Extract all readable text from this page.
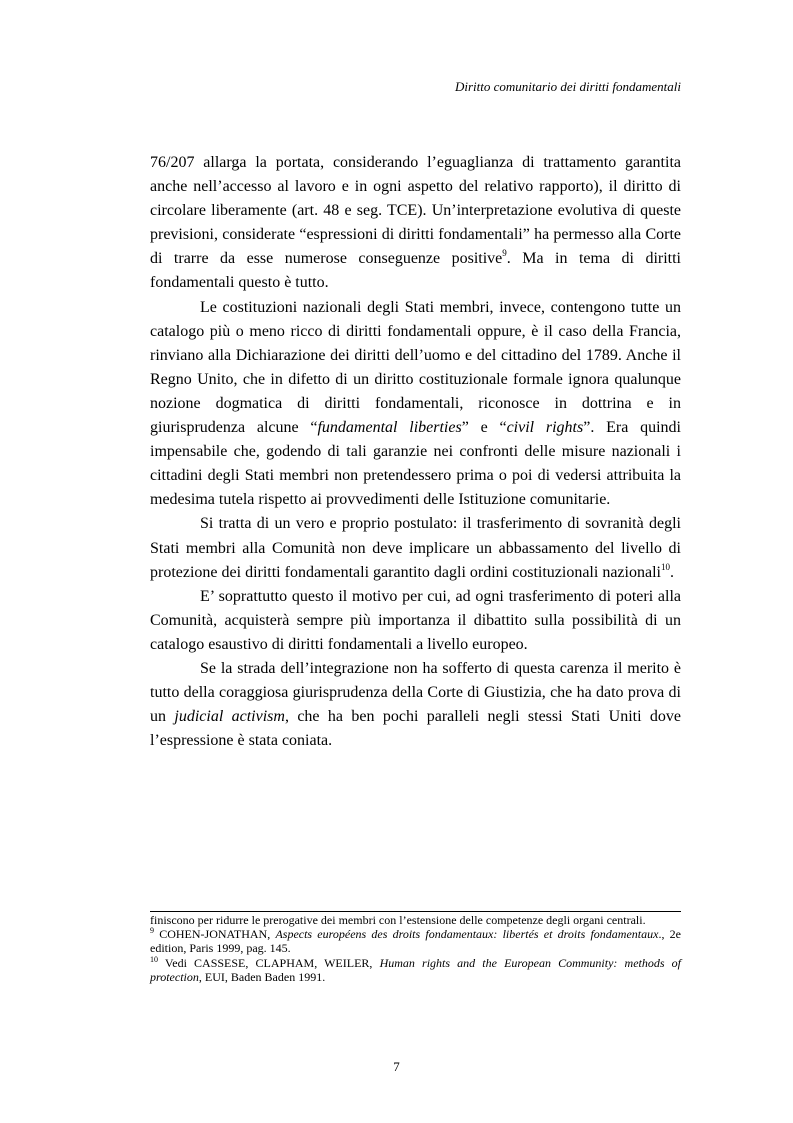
Diritto comunitario dei diritti fondamentali

76/207 allarga la portata, considerando l’eguaglianza di trattamento garantita anche nell’accesso al lavoro e in ogni aspetto del relativo rapporto), il diritto di circolare liberamente (art. 48 e seg. TCE). Un’interpretazione evolutiva di queste previsioni, considerate “espressioni di diritti fondamentali” ha permesso alla Corte di trarre da esse numerose conseguenze positive$^9$. Ma in tema di diritti fondamentali questo è tutto.

Le costituzioni nazionali degli Stati membri, invece, contengono tutte un catalogo più o meno ricco di diritti fondamentali oppure, è il caso della Francia, rinviano alla Dichiarazione dei diritti dell’uomo e del cittadino del 1789. Anche il Regno Unito, che in difetto di un diritto costituzionale formale ignora qualunque nozione dogmatica di diritti fondamentali, riconosce in dottrina e in giurisprudenza alcune “fundamental liberties” e “civil rights”. Era quindi impensabile che, godendo di tali garanzie nei confronti delle misure nazionali i cittadini degli Stati membri non pretendessero prima o poi di vedersi attribuita la medesima tutela rispetto ai provvedimenti delle Istituzione comunitarie.

Si tratta di un vero e proprio postulato: il trasferimento di sovranità degli Stati membri alla Comunità non deve implicare un abbassamento del livello di protezione dei diritti fondamentali garantito dagli ordini costituzionali nazionali$^{10}$.

E’ soprattutto questo il motivo per cui, ad ogni trasferimento di poteri alla Comunità, acquisterà sempre più importanza il dibattito sulla possibilità di un catalogo esaustivo di diritti fondamentali a livello europeo.

Se la strada dell’integrazione non ha sofferto di questa carenza il merito è tutto della coraggiosa giurisprudenza della Corte di Giustizia, che ha dato prova di un judicial activism, che ha ben pochi paralleli negli stessi Stati Uniti dove l’espressione è stata coniata.

finiscono per ridurre le prerogative dei membri con l’estensione delle competenze degli organi centrali.

$^9$ COHEN-JONATHAN, Aspects européens des droits fondamentaux: libertés et droits fondamentaux., 2e edition, Paris 1999, pag. 145.

$^{10}$ Vedi CASSESE, CLAPHAM, WEILER, Human rights and the European Community: methods of protection, EUI, Baden Baden 1991.

7
